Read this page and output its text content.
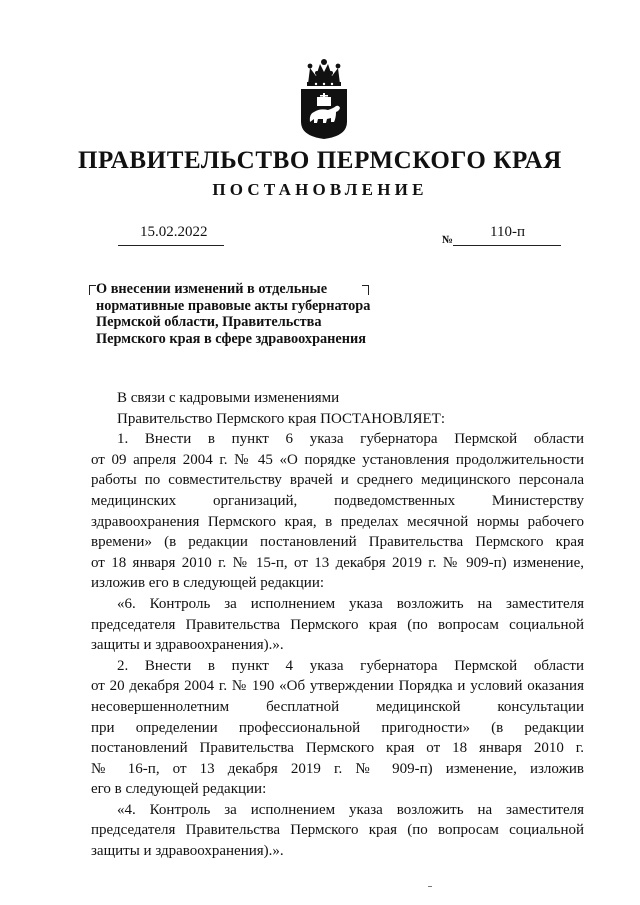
ПРАВИТЕЛЬСТВО ПЕРМСКОГО КРАЯ
ПОСТАНОВЛЕНИЕ
15.02.2022	№ 110-п
О внесении изменений в отдельные
нормативные правовые акты губернатора
Пермской области, Правительства
Пермского края в сфере здравоохранения
В связи с кадровыми изменениями
Правительство Пермского края ПОСТАНОВЛЯЕТ:
1. Внести в пункт 6 указа губернатора Пермской области
от 09 апреля 2004 г. № 45 «О порядке установления продолжительности
работы по совместительству врачей и среднего медицинского персонала
медицинских организаций, подведомственных Министерству
здравоохранения Пермского края, в пределах месячной нормы рабочего
времени» (в редакции постановлений Правительства Пермского края
от 18 января 2010 г. № 15-п, от 13 декабря 2019 г. № 909-п) изменение,
изложив его в следующей редакции:
«6. Контроль за исполнением указа возложить на заместителя
председателя Правительства Пермского края (по вопросам социальной
защиты и здравоохранения).».
2. Внести в пункт 4 указа губернатора Пермской области
от 20 декабря 2004 г. № 190 «Об утверждении Порядка и условий оказания
несовершеннолетним бесплатной медицинской консультации
при определении профессиональной пригодности» (в редакции
постановлений Правительства Пермского края от 18 января 2010 г.
№ 16-п, от 13 декабря 2019 г. № 909-п) изменение, изложив
его в следующей редакции:
«4. Контроль за исполнением указа возложить на заместителя
председателя Правительства Пермского края (по вопросам социальной
защиты и здравоохранения).».
